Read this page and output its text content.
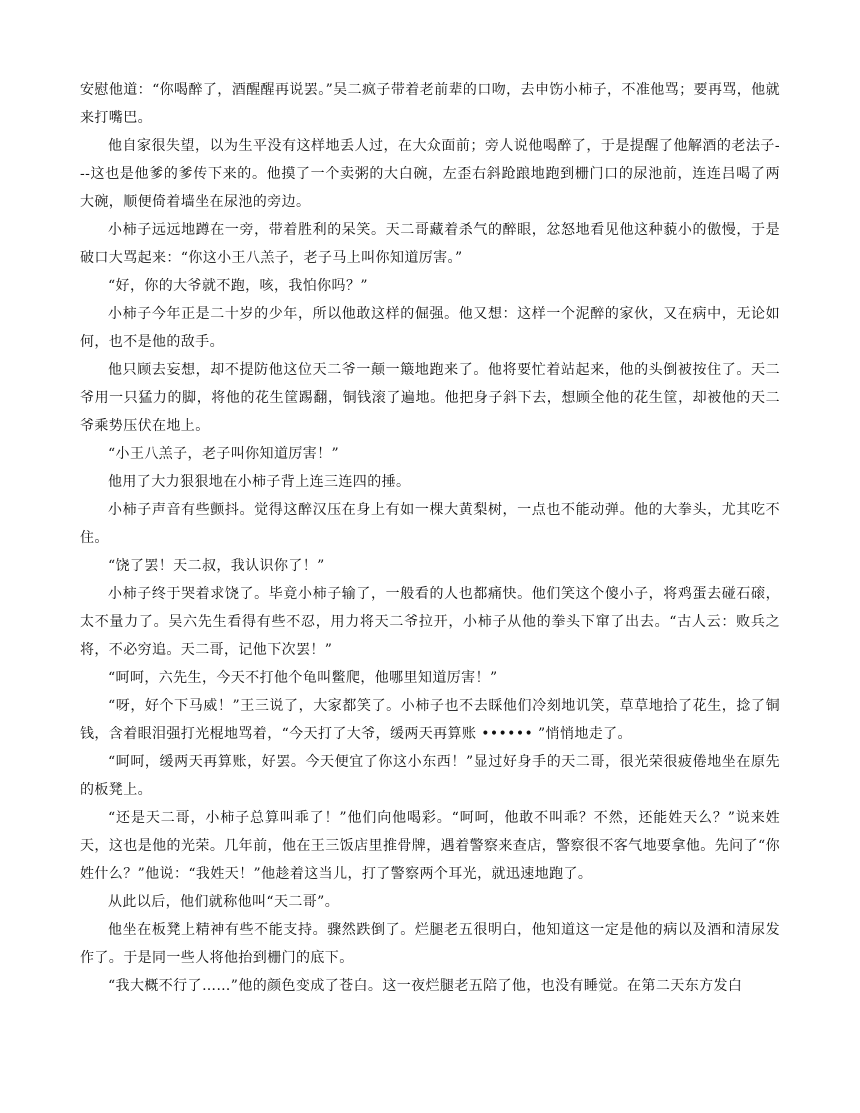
安慰他道：“你喝醉了，酒醒醒再说罢。”吴二疯子带着老前辈的口吻，去申饬小柿子，不准他骂；要再骂，他就来打嘴巴。

他自家很失望，以为生平没有这样地丢人过，在大众面前；旁人说他喝醉了，于是提醒了他解酒的老法子---这也是他爹的爹传下来的。他摸了一个卖粥的大白碗，左歪右斜跄踉地跑到栅门口的尿池前，连连吕喝了两大碗，顺便倚着墙坐在尿池的旁边。

小柿子远远地蹲在一旁，带着胜利的呆笑。天二哥藏着杀气的醉眼，忿怒地看见他这种藐小的傲慢，于是破口大骂起来：“你这小王八羔子，老子马上叫你知道厉害。”

“好，你的大爷就不跑，咳，我怕你吗？”

小柿子今年正是二十岁的少年，所以他敢这样的倔强。他又想：这样一个泥醉的家伙，又在病中，无论如何，也不是他的敌手。

他只顾去妄想，却不提防他这位天二爷一颠一簸地跑来了。他将要忙着站起来，他的头倒被按住了。天二爷用一只猛力的脚，将他的花生筐踢翻，铜钱滚了遍地。他把身子斜下去，想顾全他的花生筐，却被他的天二爷乘势压伏在地上。

“小王八羔子，老子叫你知道厉害！”

他用了大力狠狠地在小柿子背上连三连四的捶。

小柿子声音有些颤抖。觉得这醉汉压在身上有如一棵大黄梨树，一点也不能动弹。他的大拳头，尤其吃不住。

“饶了罢！天二叔，我认识你了！”

小柿子终于哭着求饶了。毕竟小柿子输了，一般看的人也都痛快。他们笑这个傻小子，将鸡蛋去碰石磙，太不量力了。吴六先生看得有些不忍，用力将天二爷拉开，小柿子从他的拳头下窜了出去。“古人云：败兵之将，不必穷追。天二哥，记他下次罢！”

“呵呵，六先生，今天不打他个龟叫鳖爬，他哪里知道厉害！”

“呀，好个下马威！”王三说了，大家都笑了。小柿子也不去睬他们冷刻地讥笑，草草地拾了花生，捻了铜钱，含着眼泪强打光棍地骂着，“今天打了大爷，缓两天再算账 •••••• ”悄悄地走了。

“呵呵，缓两天再算账，好罢。今天便宜了你这小东西！”显过好身手的天二哥，很光荣很疲倦地坐在原先的板凳上。

“还是天二哥，小柿子总算叫乖了！”他们向他喝彩。“呵呵，他敢不叫乖？不然，还能姓天么？”说来姓天，这也是他的光荣。几年前，他在王三饭店里推骨牌，遇着警察来查店，警察很不客气地要拿他。先问了“你姓什么？”他说：“我姓天！”他趁着这当儿，打了警察两个耳光，就迅速地跑了。

从此以后，他们就称他叫“天二哥”。

他坐在板凳上精神有些不能支持。骤然跌倒了。烂腿老五很明白，他知道这一定是他的病以及酒和清尿发作了。于是同一些人将他抬到栅门的底下。

“我大概不行了……”他的颜色变成了苍白。这一夜烂腿老五陪了他，也没有睡觉。在第二天东方发白
